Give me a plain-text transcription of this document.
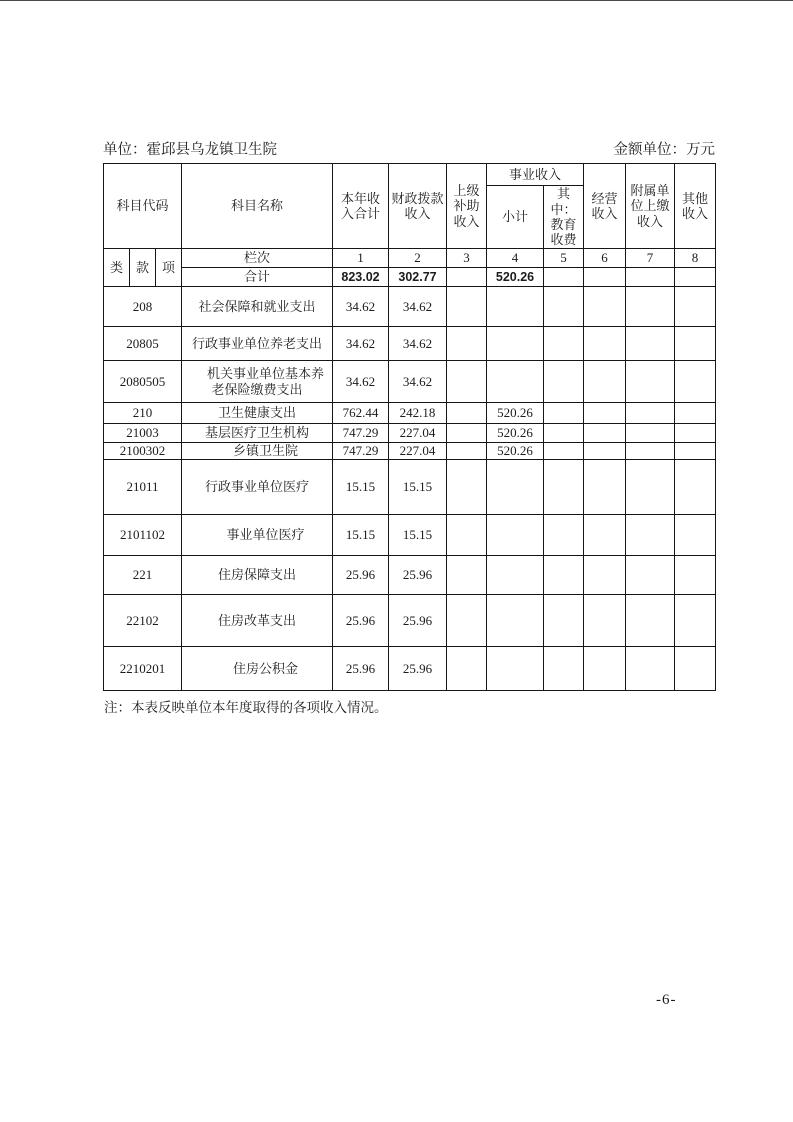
单位：霍邱县乌龙镇卫生院	金额单位：万元
科目代码			科目名称	本年收入合计	财政拨款收入	上级补助收入	事业收入		经营收入	附属单位上缴收入	其他收入
							小计	其中：教育收费			
类	款	项	栏次	1	2	3	4	5	6	7	8
			合计	823.02	302.77		520.26				
208			社会保障和就业支出	34.62	34.62						
20805			行政事业单位养老支出	34.62	34.62						
2080505			机关事业单位基本养老保险缴费支出	34.62	34.62						
210			卫生健康支出	762.44	242.18		520.26				
21003			基层医疗卫生机构	747.29	227.04		520.26				
2100302			乡镇卫生院	747.29	227.04		520.26				
21011			行政事业单位医疗	15.15	15.15						
2101102			事业单位医疗	15.15	15.15						
221			住房保障支出	25.96	25.96						
22102			住房改革支出	25.96	25.96						
2210201			住房公积金	25.96	25.96						
注：本表反映单位本年度取得的各项收入情况。
-6-
